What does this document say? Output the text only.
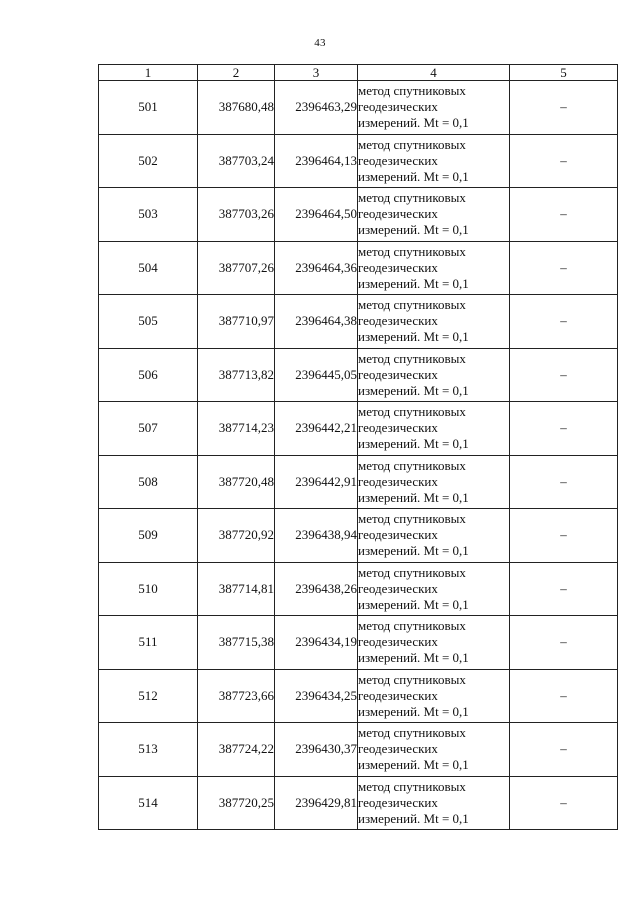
43
1	2	3	4	5
501	387680,48	2396463,29	метод спутниковых
геодезических
измерений. Mt = 0,1	–
502	387703,24	2396464,13	метод спутниковых
геодезических
измерений. Mt = 0,1	–
503	387703,26	2396464,50	метод спутниковых
геодезических
измерений. Mt = 0,1	–
504	387707,26	2396464,36	метод спутниковых
геодезических
измерений. Mt = 0,1	–
505	387710,97	2396464,38	метод спутниковых
геодезических
измерений. Mt = 0,1	–
506	387713,82	2396445,05	метод спутниковых
геодезических
измерений. Mt = 0,1	–
507	387714,23	2396442,21	метод спутниковых
геодезических
измерений. Mt = 0,1	–
508	387720,48	2396442,91	метод спутниковых
геодезических
измерений. Mt = 0,1	–
509	387720,92	2396438,94	метод спутниковых
геодезических
измерений. Mt = 0,1	–
510	387714,81	2396438,26	метод спутниковых
геодезических
измерений. Mt = 0,1	–
511	387715,38	2396434,19	метод спутниковых
геодезических
измерений. Mt = 0,1	–
512	387723,66	2396434,25	метод спутниковых
геодезических
измерений. Mt = 0,1	–
513	387724,22	2396430,37	метод спутниковых
геодезических
измерений. Mt = 0,1	–
514	387720,25	2396429,81	метод спутниковых
геодезических
измерений. Mt = 0,1	–
